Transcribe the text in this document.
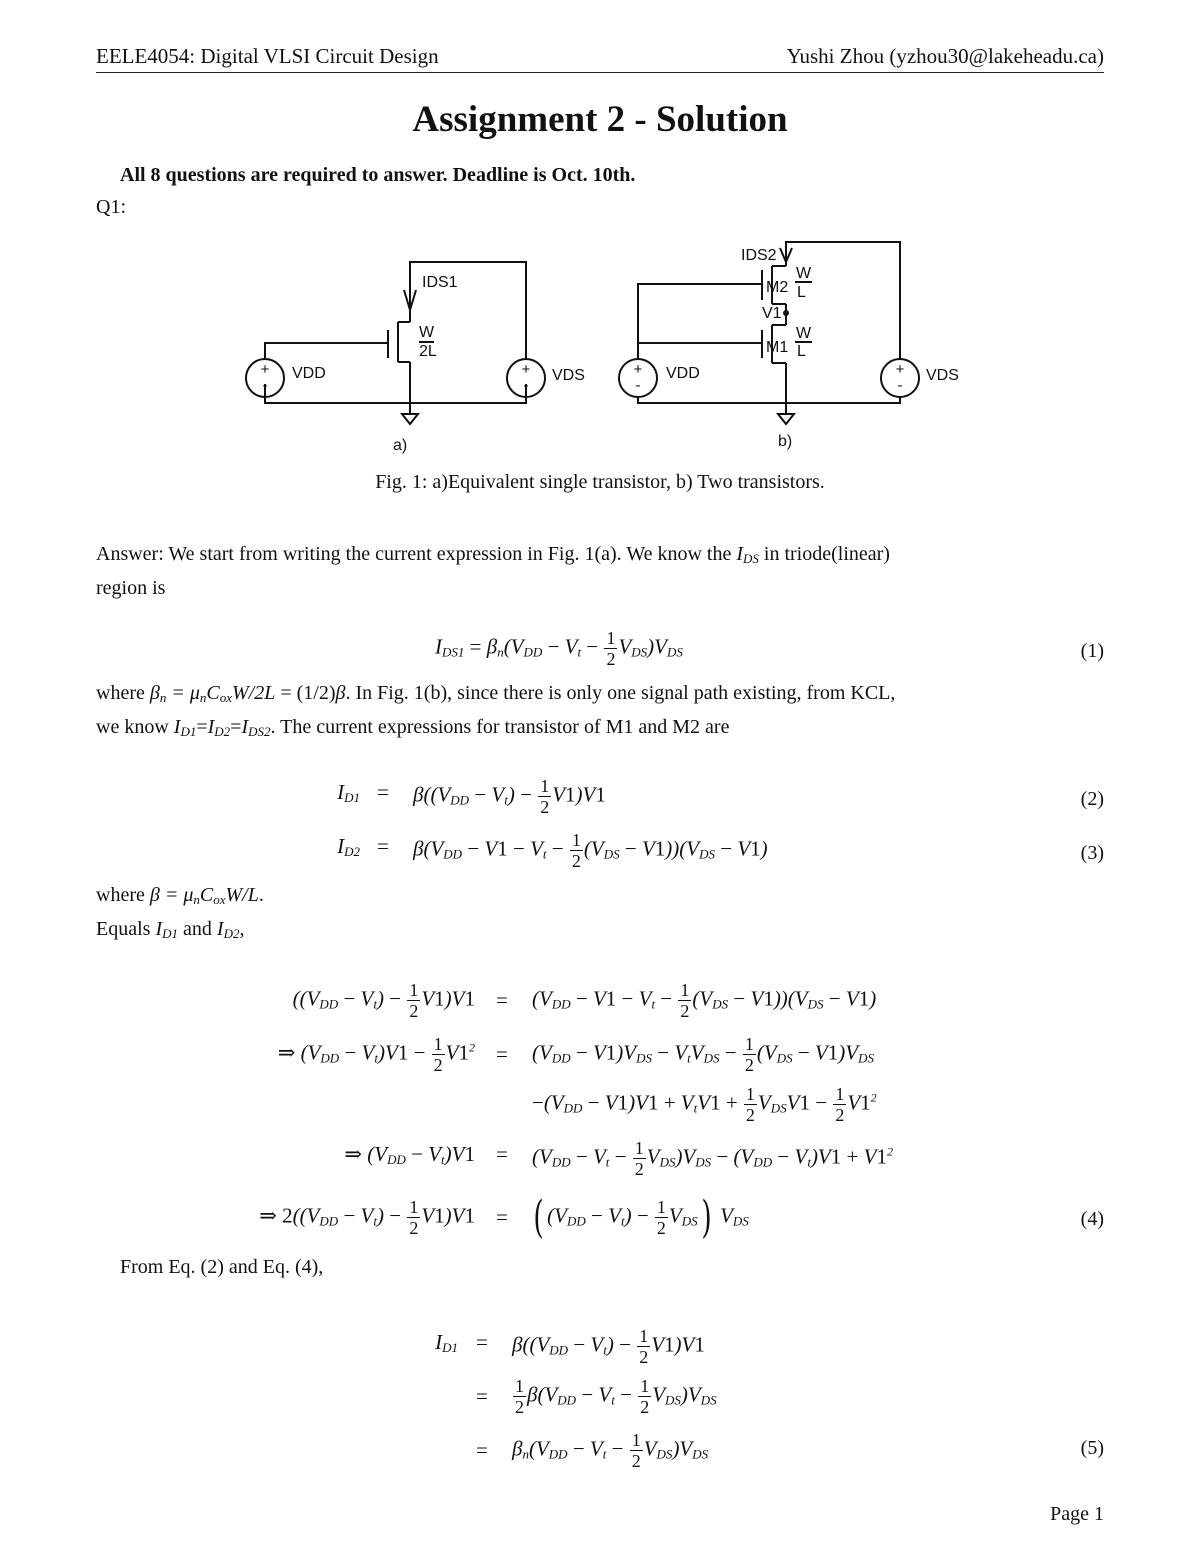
EELE4054: Digital VLSI Circuit Design	Yushi Zhou (yzhou30@lakeheadu.ca)
Assignment 2 - Solution
All 8 questions are required to answer. Deadline is Oct. 10th.
Q1:
+
-
+
-
+
-
+
-
IDS1
W
2L
VDD	VDS
a)
IDS2
M2
W
L
V1
M1
W
L
VDD	VDS
b)
Fig. 1: a)Equivalent single transistor, b) Two transistors.
Answer: We start from writing the current expression in Fig. 1(a). We know the $I_{DS}$ in triode(linear)
region is
$I_{DS1} = \beta_n(V_{DD} - V_t - \frac{1}{2} V_{DS})V_{DS}$	(1)
where $\beta_n = \mu_nC_{ox}W/2L = (1/2)\beta$. In Fig. 1(b), since there is only one signal path existing, from KCL,
we know $I_{D1}=I_{D2}=I_{DS2}$. The current expressions for transistor of M1 and M2 are
$I_{D1} = \beta((V_{DD} - V_t) - \frac{1}{2} V1)V1$	(2)
$I_{D2} = \beta(V_{DD} - V1 - V_t - \frac{1}{2} (V_{DS} - V1))(V_{DS} - V1)$	(3)
where $\beta = \mu_nC_{ox}W/L$.
Equals $I_{D1}$ and $I_{D2}$,
$((V_{DD} - V_t) - \frac{1}{2} V1)V1 = (V_{DD} - V1 - V_t - \frac{1}{2} (V_{DS} - V1))(V_{DS} - V1)$
⇒ $(V_{DD} - V_t)V1 - \frac{1}{2} V1^2 = (V_{DD} - V1)V_{DS} - V_tV_{DS} - \frac{1}{2} (V_{DS} - V1)V_{DS}$
$-(V_{DD} - V1)V1 + V_tV1 + \frac{1}{2} V_{DS}V1 - \frac{1}{2} V1^2$
⇒ $(V_{DD} - V_t)V1 = (V_{DD} - V_t - \frac{1}{2} V_{DS})V_{DS} - (V_{DD} - V_t)V1 + V1^2$
⇒ $2((V_{DD} - V_t) - \frac{1}{2} V1)V1$ = ( $(V_{DD} - V_t) - \frac{1}{2} V_{DS}$) $V_{DS}$	(4)
From Eq. (2) and Eq. (4),
$I_{D1} = \beta((V_{DD} - V_t) - \frac{1}{2} V1)V1$
= $\frac{1}{2} \beta(V_{DD} - V_t - \frac{1}{2} V_{DS})V_{DS}$
= $\beta_n(V_{DD} - V_t - \frac{1}{2} V_{DS})V_{DS}$	(5)
Page 1
